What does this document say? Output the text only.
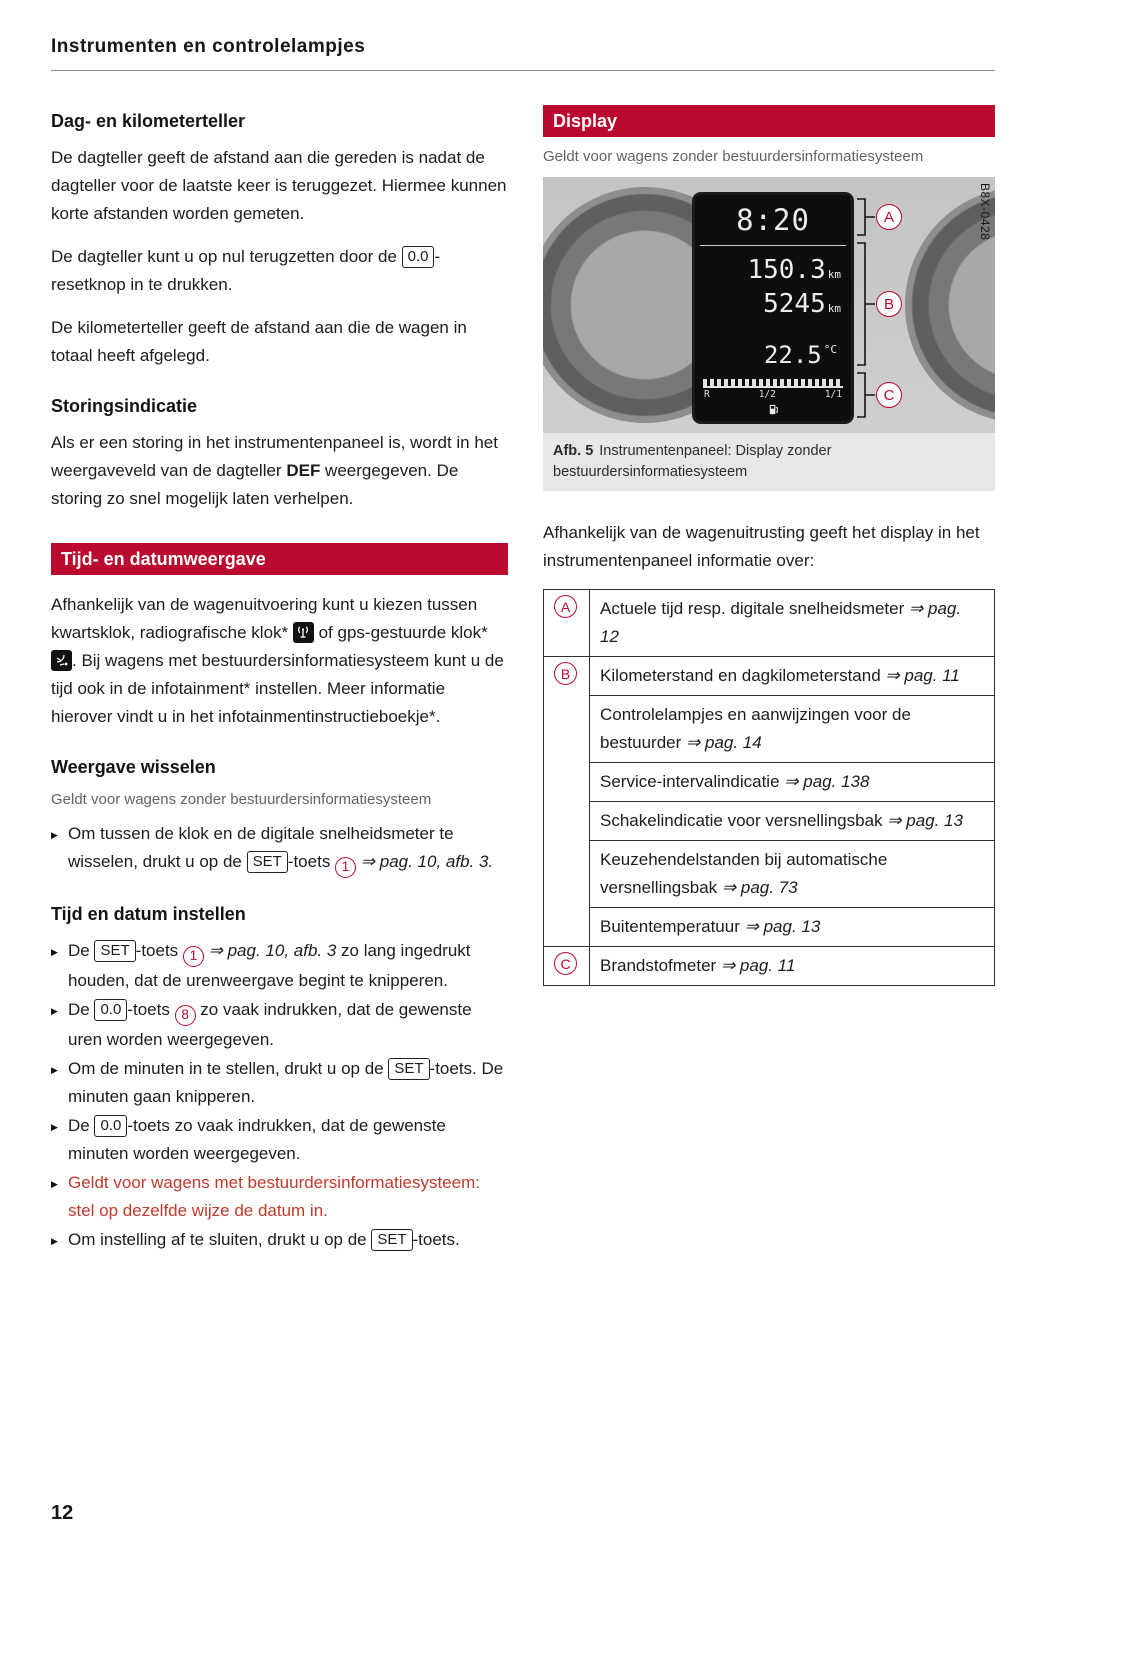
Instrumenten en controlelampjes
Dag- en kilometerteller

De dagteller geeft de afstand aan die gereden is nadat de dagteller voor de laatste keer is teruggezet. Hiermee kunnen korte afstanden worden gemeten.

De dagteller kunt u op nul terugzetten door de 0.0 -resetknop in te drukken.

De kilometerteller geeft de afstand aan die de wagen in totaal heeft afgelegd.

Storingsindicatie

Als er een storing in het instrumentenpaneel is, wordt in het weergaveveld van de dagteller DEF weergegeven. De storing zo snel mogelijk laten verhelpen.

Tijd- en datumweergave

Afhankelijk van de wagenuitvoering kunt u kiezen tussen kwartsklok, radiografische klok*
of gps-gestuurde klok*
. Bij wagens met bestuurdersinformatiesysteem kunt u de tijd ook in de infotainment* instellen. Meer informatie hierover vindt u in het infotainmentinstructieboekje*.

Weergave wisselen
Geldt voor wagens zonder bestuurdersinformatiesysteem
▶ Om tussen de klok en de digitale snelheidsmeter te wisselen, drukt u op de SET -toets 1 ⇒ pag. 10, afb. 3.
Tijd en datum instellen
▶ De SET -toets 1 ⇒ pag. 10, afb. 3 zo lang ingedrukt houden, dat de urenweergave begint te knipperen.
▶ De 0.0 -toets 8 zo vaak indrukken, dat de gewenste uren worden weergegeven.
▶ Om de minuten in te stellen, drukt u op de SET -toets. De minuten gaan knipperen.
▶ De 0.0 -toets zo vaak indrukken, dat de gewenste minuten worden weergegeven.
▶ Geldt voor wagens met bestuurdersinformatiesysteem: stel op dezelfde wijze de datum in.
▶ Om instelling af te sluiten, drukt u op de SET -toets.
Display
Geldt voor wagens zonder bestuurdersinformatiesysteem
8:20
150.3 km
5245 km
22.5 $^{^\circ C}$
R	1/2	1/1
A
B
C
B8X-0428
Afb. 5 Instrumentenpaneel: Display zonder bestuurdersinformatiesysteem

Afhankelijk van de wagenuitrusting geeft het display in het instrumentenpaneel informatie over:

A	Actuele tijd resp. digitale snelheidsmeter ⇒ pag. 12
B	Kilometerstand en dagkilometerstand ⇒ pag. 11
	Controlelampjes en aanwijzingen voor de bestuurder ⇒ pag. 14
	Service-intervalindicatie ⇒ pag. 138
	Schakelindicatie voor versnellingsbak ⇒ pag. 13
	Keuzehendelstanden bij automatische versnellingsbak ⇒ pag. 73
	Buitentemperatuur ⇒ pag. 13
C	Brandstofmeter ⇒ pag. 11
12
